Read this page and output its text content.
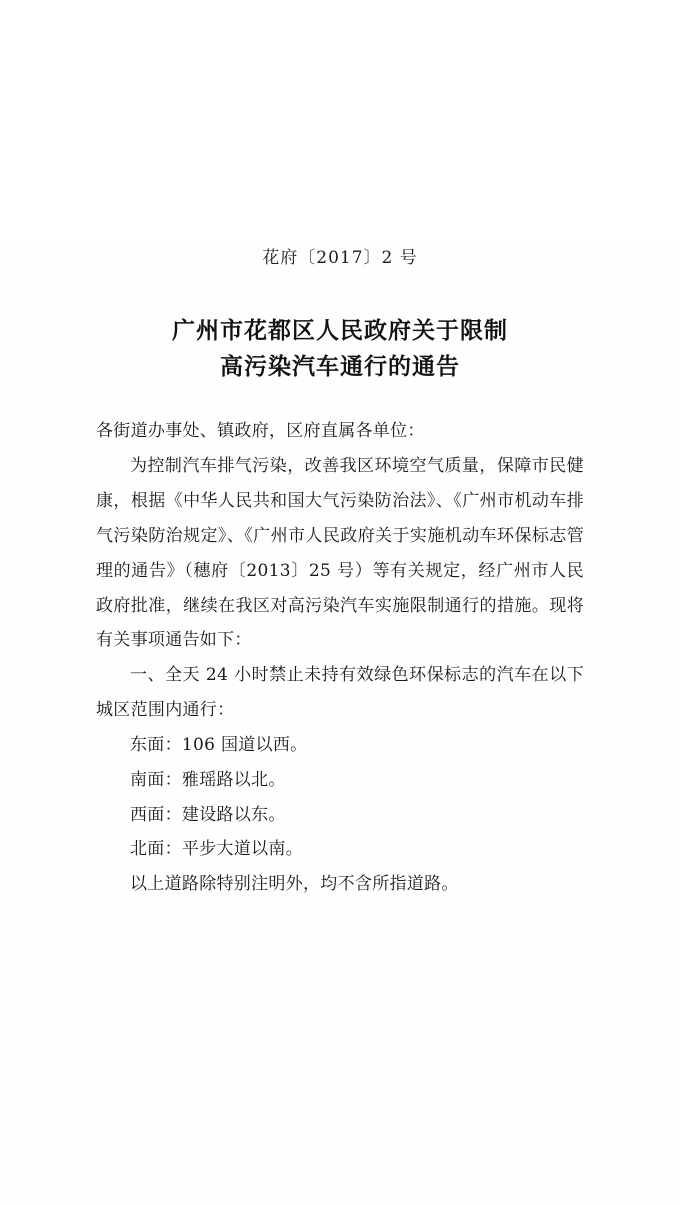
花府〔2017〕2 号
广州市花都区人民政府关于限制
高污染汽车通行的通告

各街道办事处、镇政府，区府直属各单位：

为控制汽车排气污染，改善我区环境空气质量，保障市民健康，根据《中华人民共和国大气污染防治法》、《广州市机动车排气污染防治规定》、《广州市人民政府关于实施机动车环保标志管理的通告》（穗府〔2013〕25 号）等有关规定，经广州市人民政府批准，继续在我区对高污染汽车实施限制通行的措施。现将有关事项通告如下：

一、全天 24 小时禁止未持有效绿色环保标志的汽车在以下城区范围内通行：

东面：106 国道以西。

南面：雅瑶路以北。

西面：建设路以东。

北面：平步大道以南。

以上道路除特别注明外，均不含所指道路。
